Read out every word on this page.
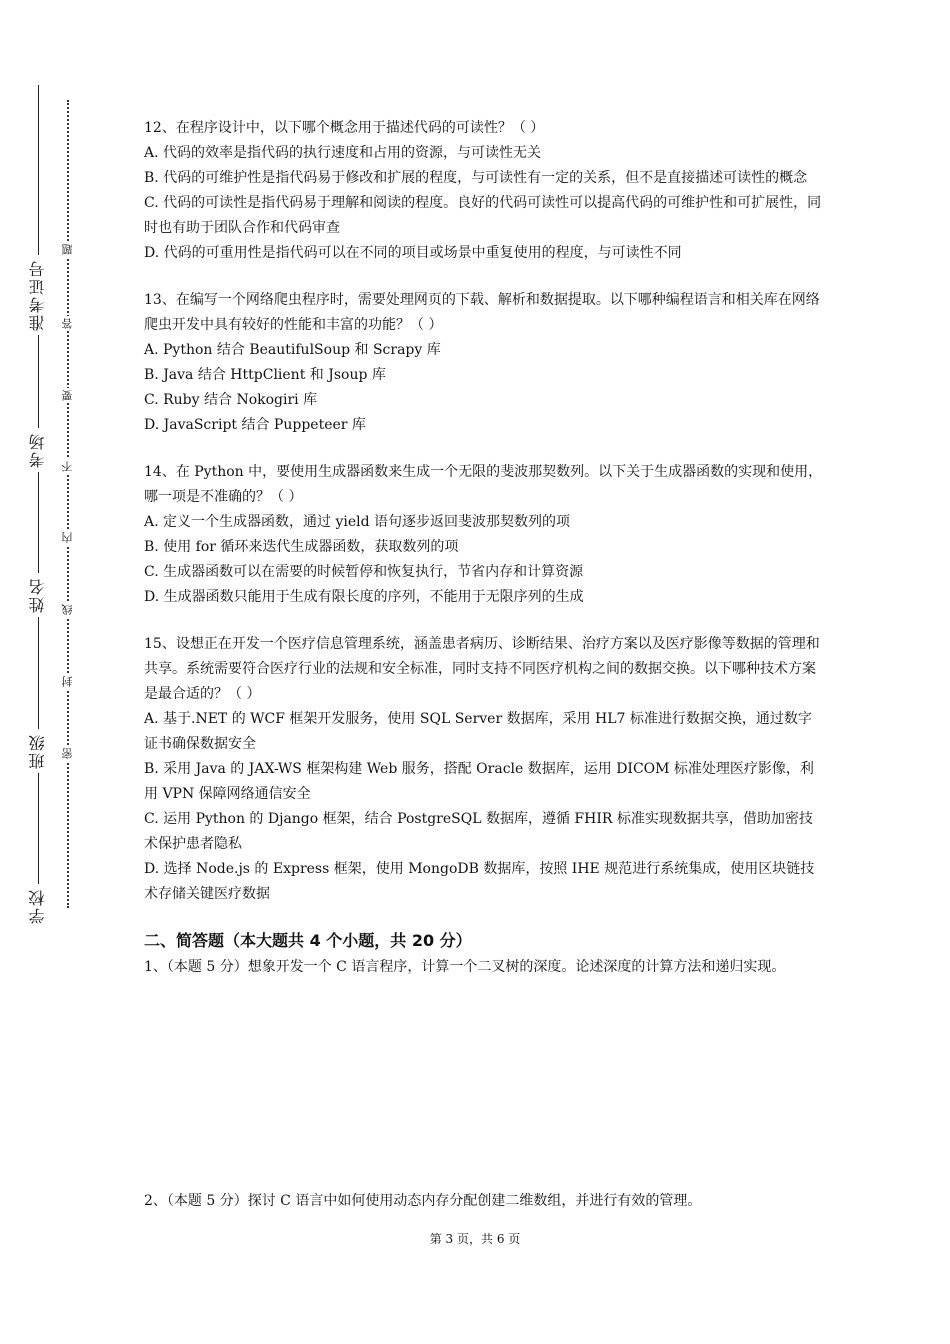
准考证号
考场
姓名
班级
学校
题
答
要
不
内
线
封
密

12、在程序设计中，以下哪个概念用于描述代码的可读性？（ ）

A. 代码的效率是指代码的执行速度和占用的资源，与可读性无关

B. 代码的可维护性是指代码易于修改和扩展的程度，与可读性有一定的关系，但不是直接描述可读性的概念

C. 代码的可读性是指代码易于理解和阅读的程度。良好的代码可读性可以提高代码的可维护性和可扩展性，同时也有助于团队合作和代码审查

D. 代码的可重用性是指代码可以在不同的项目或场景中重复使用的程度，与可读性不同

13、在编写一个网络爬虫程序时，需要处理网页的下载、解析和数据提取。以下哪种编程语言和相关库在网络爬虫开发中具有较好的性能和丰富的功能？（ ）

A. Python 结合 BeautifulSoup 和 Scrapy 库

B. Java 结合 HttpClient 和 Jsoup 库

C. Ruby 结合 Nokogiri 库

D. JavaScript 结合 Puppeteer 库

14、在 Python 中，要使用生成器函数来生成一个无限的斐波那契数列。以下关于生成器函数的实现和使用，哪一项是不准确的？（ ）

A. 定义一个生成器函数，通过 yield 语句逐步返回斐波那契数列的项

B. 使用 for 循环来迭代生成器函数，获取数列的项

C. 生成器函数可以在需要的时候暂停和恢复执行，节省内存和计算资源

D. 生成器函数只能用于生成有限长度的序列，不能用于无限序列的生成

15、设想正在开发一个医疗信息管理系统，涵盖患者病历、诊断结果、治疗方案以及医疗影像等数据的管理和共享。系统需要符合医疗行业的法规和安全标准，同时支持不同医疗机构之间的数据交换。以下哪种技术方案是最合适的？（ ）

A. 基于.NET 的 WCF 框架开发服务，使用 SQL Server 数据库，采用 HL7 标准进行数据交换，通过数字证书确保数据安全

B. 采用 Java 的 JAX-WS 框架构建 Web 服务，搭配 Oracle 数据库，运用 DICOM 标准处理医疗影像，利用 VPN 保障网络通信安全

C. 运用 Python 的 Django 框架，结合 PostgreSQL 数据库，遵循 FHIR 标准实现数据共享，借助加密技术保护患者隐私

D. 选择 Node.js 的 Express 框架，使用 MongoDB 数据库，按照 IHE 规范进行系统集成，使用区块链技术存储关键医疗数据

二、简答题（本大题共 4 个小题，共 20 分）

1、（本题 5 分）想象开发一个 C 语言程序，计算一个二叉树的深度。论述深度的计算方法和递归实现。

2、（本题 5 分）探讨 C 语言中如何使用动态内存分配创建二维数组，并进行有效的管理。

第 3 页，共 6 页
